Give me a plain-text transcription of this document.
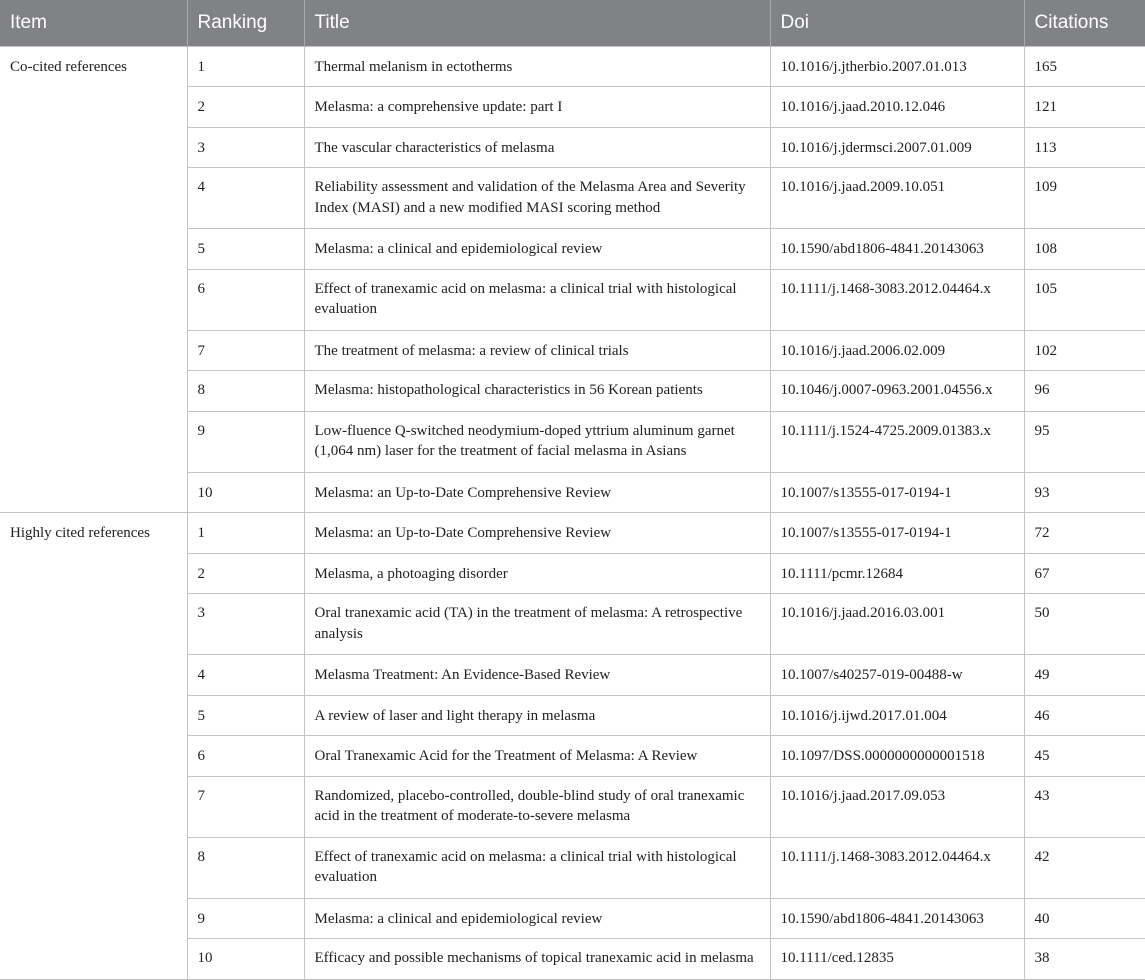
Item	Ranking	Title	Doi	Citations
Co-cited references	1	Thermal melanism in ectotherms	10.1016/j.jtherbio.2007.01.013	165
	2	Melasma: a comprehensive update: part I	10.1016/j.jaad.2010.12.046	121
	3	The vascular characteristics of melasma	10.1016/j.jdermsci.2007.01.009	113
	4	Reliability assessment and validation of the Melasma Area and Severity Index (MASI) and a new modified MASI scoring method	10.1016/j.jaad.2009.10.051	109
	5	Melasma: a clinical and epidemiological review	10.1590/abd1806-4841.20143063	108
	6	Effect of tranexamic acid on melasma: a clinical trial with histological evaluation	10.1111/j.1468-3083.2012.04464.x	105
	7	The treatment of melasma: a review of clinical trials	10.1016/j.jaad.2006.02.009	102
	8	Melasma: histopathological characteristics in 56 Korean patients	10.1046/j.0007-0963.2001.04556.x	96
	9	Low-fluence Q-switched neodymium-doped yttrium aluminum garnet (1,064 nm) laser for the treatment of facial melasma in Asians	10.1111/j.1524-4725.2009.01383.x	95
	10	Melasma: an Up-to-Date Comprehensive Review	10.1007/s13555-017-0194-1	93
Highly cited references	1	Melasma: an Up-to-Date Comprehensive Review	10.1007/s13555-017-0194-1	72
	2	Melasma, a photoaging disorder	10.1111/pcmr.12684	67
	3	Oral tranexamic acid (TA) in the treatment of melasma: A retrospective analysis	10.1016/j.jaad.2016.03.001	50
	4	Melasma Treatment: An Evidence-Based Review	10.1007/s40257-019-00488-w	49
	5	A review of laser and light therapy in melasma	10.1016/j.ijwd.2017.01.004	46
	6	Oral Tranexamic Acid for the Treatment of Melasma: A Review	10.1097/DSS.0000000000001518	45
	7	Randomized, placebo-controlled, double-blind study of oral tranexamic acid in the treatment of moderate-to-severe melasma	10.1016/j.jaad.2017.09.053	43
	8	Effect of tranexamic acid on melasma: a clinical trial with histological evaluation	10.1111/j.1468-3083.2012.04464.x	42
	9	Melasma: a clinical and epidemiological review	10.1590/abd1806-4841.20143063	40
	10	Efficacy and possible mechanisms of topical tranexamic acid in melasma	10.1111/ced.12835	38
